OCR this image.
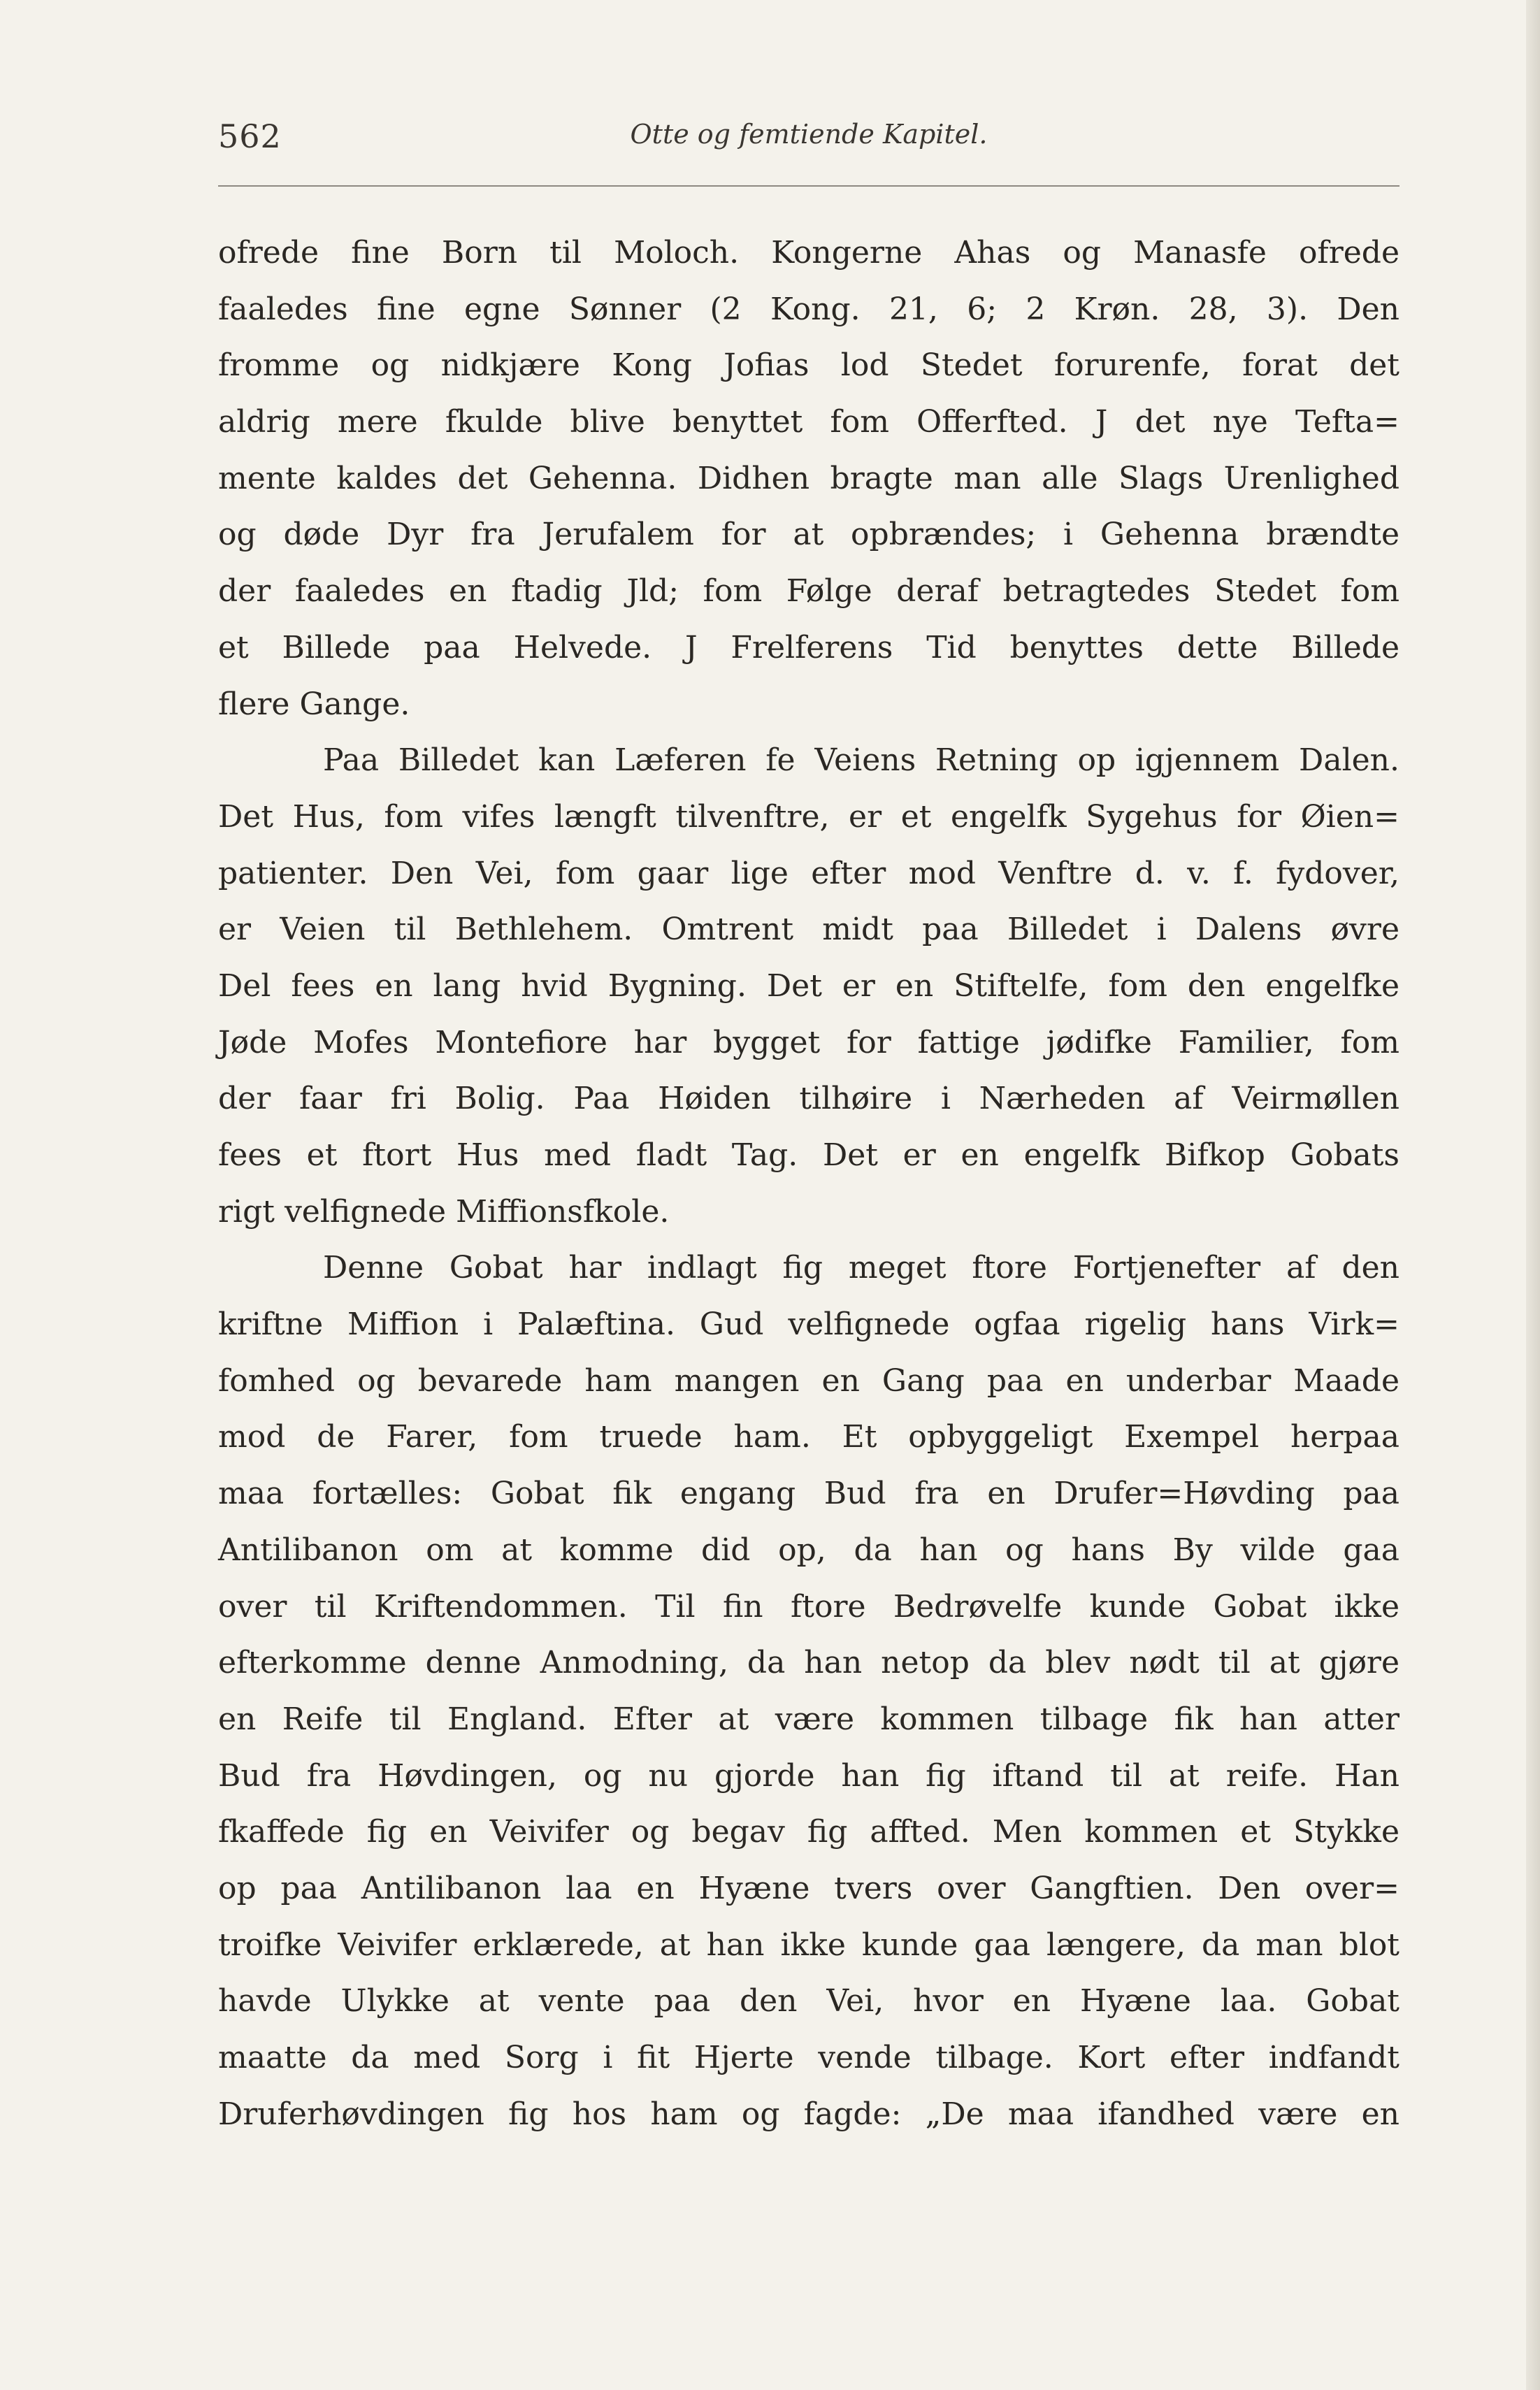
562	Otte og femtiende Kapitel.
ofrede fine Born til Moloch. Kongerne Ahas og Manasfe ofrede
faaledes fine egne Sønner (2 Kong. 21, 6; 2 Krøn. 28, 3). Den
fromme og nidkjære Kong Jofias lod Stedet forurenfe, forat det
aldrig mere fkulde blive benyttet fom Offerfted. J det nye Tefta=
mente kaldes det Gehenna. Didhen bragte man alle Slags Urenlighed
og døde Dyr fra Jerufalem for at opbrændes; i Gehenna brændte
der faaledes en ftadig Jld; fom Følge deraf betragtedes Stedet fom
et Billede paa Helvede. J Frelferens Tid benyttes dette Billede
flere Gange.
Paa Billedet kan Læferen fe Veiens Retning op igjennem Dalen.
Det Hus, fom vifes længft tilvenftre, er et engelfk Sygehus for Øien=
patienter. Den Vei, fom gaar lige efter mod Venftre d. v. f. fydover,
er Veien til Bethlehem. Omtrent midt paa Billedet i Dalens øvre
Del fees en lang hvid Bygning. Det er en Stiftelfe, fom den engelfke
Jøde Mofes Montefiore har bygget for fattige jødifke Familier, fom
der faar fri Bolig. Paa Høiden tilhøire i Nærheden af Veirmøllen
fees et ftort Hus med fladt Tag. Det er en engelfk Bifkop Gobats
rigt velfignede Miffionsfkole.
Denne Gobat har indlagt fig meget ftore Fortjenefter af den
kriftne Miffion i Palæftina. Gud velfignede ogfaa rigelig hans Virk=
fomhed og bevarede ham mangen en Gang paa en underbar Maade
mod de Farer, fom truede ham. Et opbyggeligt Exempel herpaa
maa fortælles: Gobat fik engang Bud fra en Drufer=Høvding paa
Antilibanon om at komme did op, da han og hans By vilde gaa
over til Kriftendommen. Til fin ftore Bedrøvelfe kunde Gobat ikke
efterkomme denne Anmodning, da han netop da blev nødt til at gjøre
en Reife til England. Efter at være kommen tilbage fik han atter
Bud fra Høvdingen, og nu gjorde han fig iftand til at reife. Han
fkaffede fig en Veivifer og begav fig affted. Men kommen et Stykke
op paa Antilibanon laa en Hyæne tvers over Gangftien. Den over=
troifke Veivifer erklærede, at han ikke kunde gaa længere, da man blot
havde Ulykke at vente paa den Vei, hvor en Hyæne laa. Gobat
maatte da med Sorg i fit Hjerte vende tilbage. Kort efter indfandt
Druferhøvdingen fig hos ham og fagde: „De maa ifandhed være en
